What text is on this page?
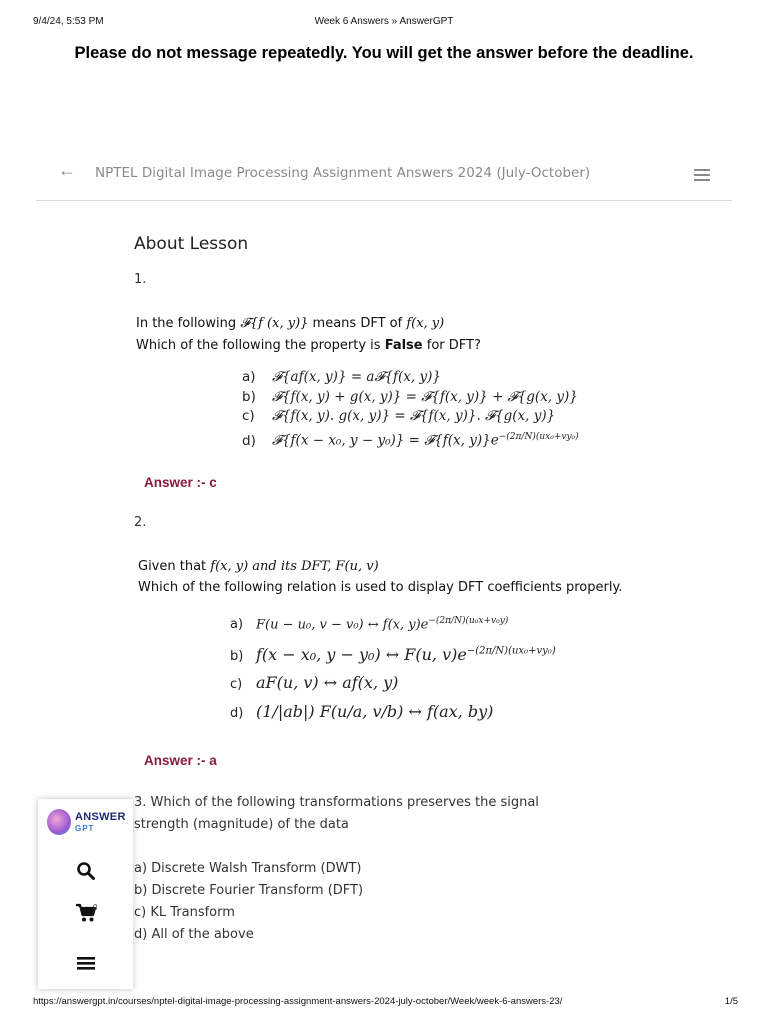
9/4/24, 5:53 PM	Week 6 Answers » AnswerGPT
Please do not message repeatedly. You will get the answer before the deadline.
← NPTEL Digital Image Processing Assignment Answers 2024 (July-October)
About Lesson
1.
In the following 𝓕{f (x, y)} means DFT of f(x, y)
Which of the following the property is False for DFT?
a) 𝓕{af(x, y)} = a𝓕{f(x, y)}
b) 𝓕{f(x, y) + g(x, y)} = 𝓕{f(x, y)} + 𝓕{g(x, y)}
c) 𝓕{f(x, y). g(x, y)} = 𝓕{f(x, y)}. 𝓕{g(x, y)}
d) 𝓕{f(x − x₀, y − y₀)} = 𝓕{f(x, $y)\}e^{-(2\pi/N)(ux_0+vy_0)}$
Answer :- c
2.
Given that f(x, y) and its DFT, F(u, v)
Which of the following relation is used to display DFT coefficients properly.
a) F(u − u₀, v − v₀) ↔ f(x, $y)e^{-(2\pi/N)(u_0x+v_0y)}$
b) f(x − x₀, y − y₀) ↔ F(u, $v)e^{-(2\pi/N)(ux_0+vy_0)}$
c) aF(u, v) ↔ af(x, y)
d) (1/|ab|) F(u/a, v/b) ↔ f(ax, by)
Answer :- a
3. Which of the following transformations preserves the signal strength (magnitude) of the data

a) Discrete Walsh Transform (DWT)

b) Discrete Fourier Transform (DFT)

c) KL Transform

d) All of the above

ANSWER
GPT
0
https://answergpt.in/courses/nptel-digital-image-processing-assignment-answers-2024-july-october/Week/week-6-answers-23/	1/5
